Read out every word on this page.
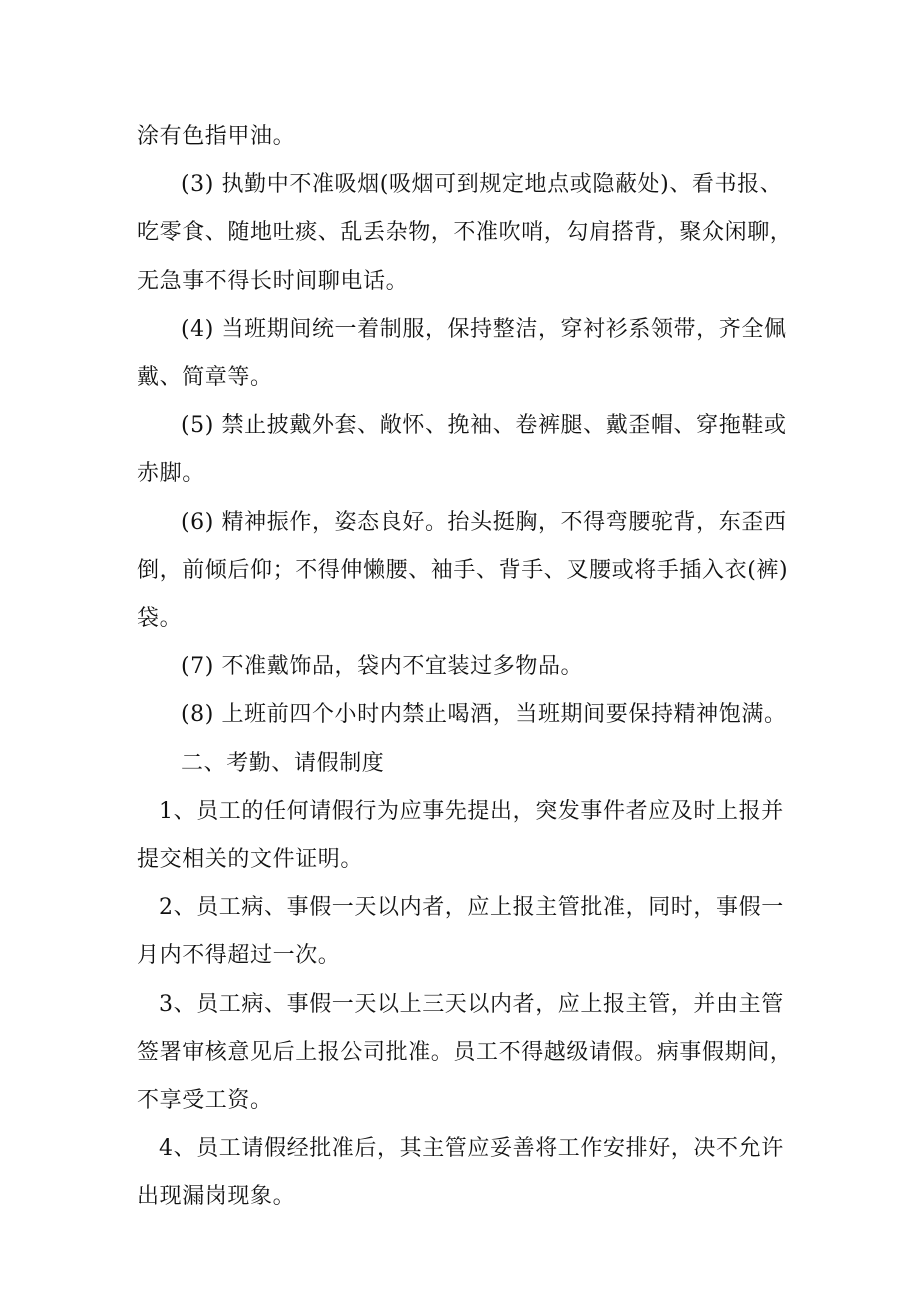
涂有色指甲油。

(3) 执勤中不准吸烟(吸烟可到规定地点或隐蔽处)、看书报、吃零食、随地吐痰、乱丢杂物，不准吹哨，勾肩搭背，聚众闲聊，无急事不得长时间聊电话。

(4) 当班期间统一着制服，保持整洁，穿衬衫系领带，齐全佩戴、简章等。

(5) 禁止披戴外套、敞怀、挽袖、卷裤腿、戴歪帽、穿拖鞋或赤脚。

(6) 精神振作，姿态良好。抬头挺胸，不得弯腰驼背，东歪西倒，前倾后仰；不得伸懒腰、袖手、背手、叉腰或将手插入衣(裤)袋。

(7) 不准戴饰品，袋内不宜装过多物品。

(8) 上班前四个小时内禁止喝酒，当班期间要保持精神饱满。

二、考勤、请假制度

1、员工的任何请假行为应事先提出，突发事件者应及时上报并提交相关的文件证明。

2、员工病、事假一天以内者，应上报主管批准，同时，事假一月内不得超过一次。

3、员工病、事假一天以上三天以内者，应上报主管，并由主管签署审核意见后上报公司批准。员工不得越级请假。病事假期间，不享受工资。

4、员工请假经批准后，其主管应妥善将工作安排好，决不允许出现漏岗现象。
